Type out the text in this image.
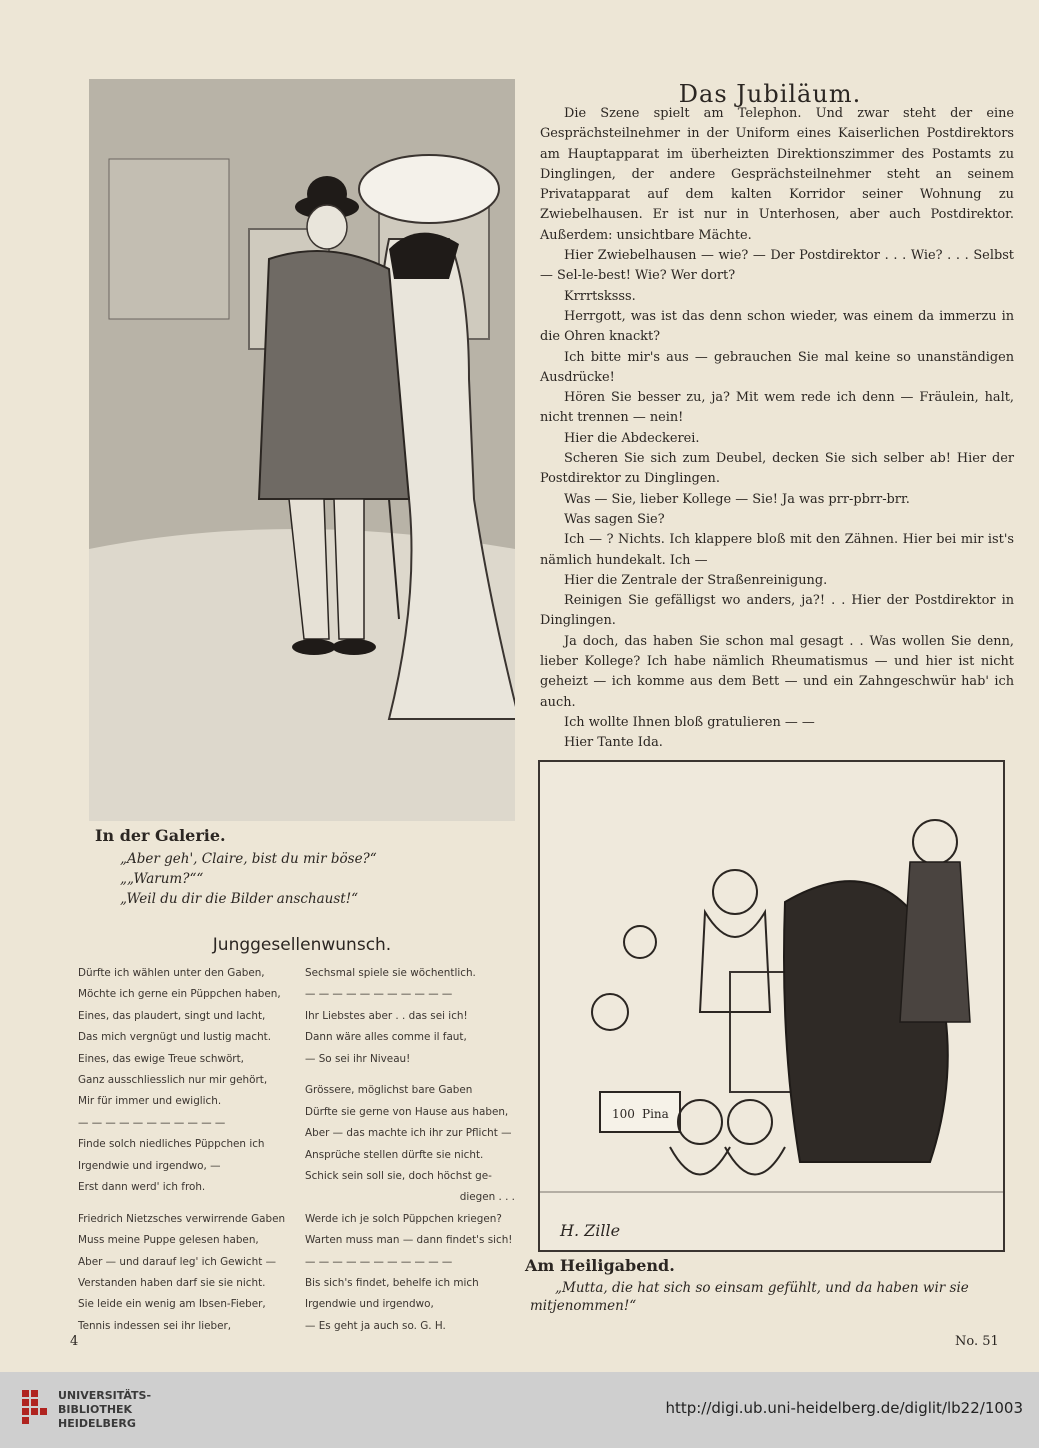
In der Galerie.
„Aber geh', Claire, bist du mir böse?“
„„Warum?““
„Weil du dir die Bilder anschaust!“
Das Jubiläum.

Die Szene spielt am Telephon. Und zwar steht der eine Gesprächsteilnehmer in der Uniform eines Kaiserlichen Postdirektors am Hauptapparat im überheizten Direktionszimmer des Postamts zu Dinglingen, der andere Gesprächsteilnehmer steht an seinem Privatapparat auf dem kalten Korridor seiner Wohnung zu Zwiebelhausen. Er ist nur in Unterhosen, aber auch Postdirektor. Außerdem: unsichtbare Mächte.

Hier Zwiebelhausen — wie? — Der Postdirektor . . . Wie? . . . Selbst — Sel-le-best! Wie? Wer dort?

Krrrtsksss.

Herrgott, was ist das denn schon wieder, was einem da immerzu in die Ohren knackt?

Ich bitte mir's aus — gebrauchen Sie mal keine so unanständigen Ausdrücke!

Hören Sie besser zu, ja? Mit wem rede ich denn — Fräulein, halt, nicht trennen — nein!

Hier die Abdeckerei.

Scheren Sie sich zum Deubel, decken Sie sich selber ab! Hier der Postdirektor zu Dinglingen.

Was — Sie, lieber Kollege — Sie! Ja was prr-pbrr-brr.

Was sagen Sie?

Ich — ? Nichts. Ich klappere bloß mit den Zähnen. Hier bei mir ist's nämlich hundekalt. Ich —

Hier die Zentrale der Straßenreinigung.

Reinigen Sie gefälligst wo anders, ja?! . . Hier der Postdirektor in Dinglingen.

Ja doch, das haben Sie schon mal gesagt . . Was wollen Sie denn, lieber Kollege? Ich habe nämlich Rheumatismus — und hier ist nicht geheizt — ich komme aus dem Bett — und ein Zahngeschwür hab' ich auch.

Ich wollte Ihnen bloß gratulieren — —

Hier Tante Ida.

100 Pina
H. Zille
Am Heiligabend.
„Mutta, die hat sich so einsam gefühlt, und da haben wir sie
mitjenommen!“
Junggesellenwunsch.
Dürfte ich wählen unter den Gaben,
Möchte ich gerne ein Püppchen haben,
Eines, das plaudert, singt und lacht,
Das mich vergnügt und lustig macht.
Eines, das ewige Treue schwört,
Ganz ausschliesslich nur mir gehört,
Mir für immer und ewiglich.
— — — — — — — — — — —
Finde solch niedliches Püppchen ich
Irgendwie und irgendwo, —
Erst dann werd' ich froh.
Friedrich Nietzsches verwirrende Gaben
Muss meine Puppe gelesen haben,
Aber — und darauf leg' ich Gewicht —
Verstanden haben darf sie sie nicht.
Sie leide ein wenig am Ibsen-Fieber,
Tennis indessen sei ihr lieber,
Sechsmal spiele sie wöchentlich.
— — — — — — — — — — —
Ihr Liebstes aber . . das sei ich!
Dann wäre alles comme il faut,
— So sei ihr Niveau!
Grössere, möglichst bare Gaben
Dürfte sie gerne von Hause aus haben,
Aber — das machte ich ihr zur Pflicht —
Ansprüche stellen dürfte sie nicht.
Schick sein soll sie, doch höchst ge-
diegen . . .
Werde ich je solch Püppchen kriegen?
Warten muss man — dann findet's sich!
— — — — — — — — — — —
Bis sich's findet, behelfe ich mich
Irgendwie und irgendwo,
— Es geht ja auch so. G. H.
4	No. 51
UNIVERSITÄTS-
BIBLIOTHEK
HEIDELBERG
http://digi.ub.uni-heidelberg.de/diglit/lb22/1003
